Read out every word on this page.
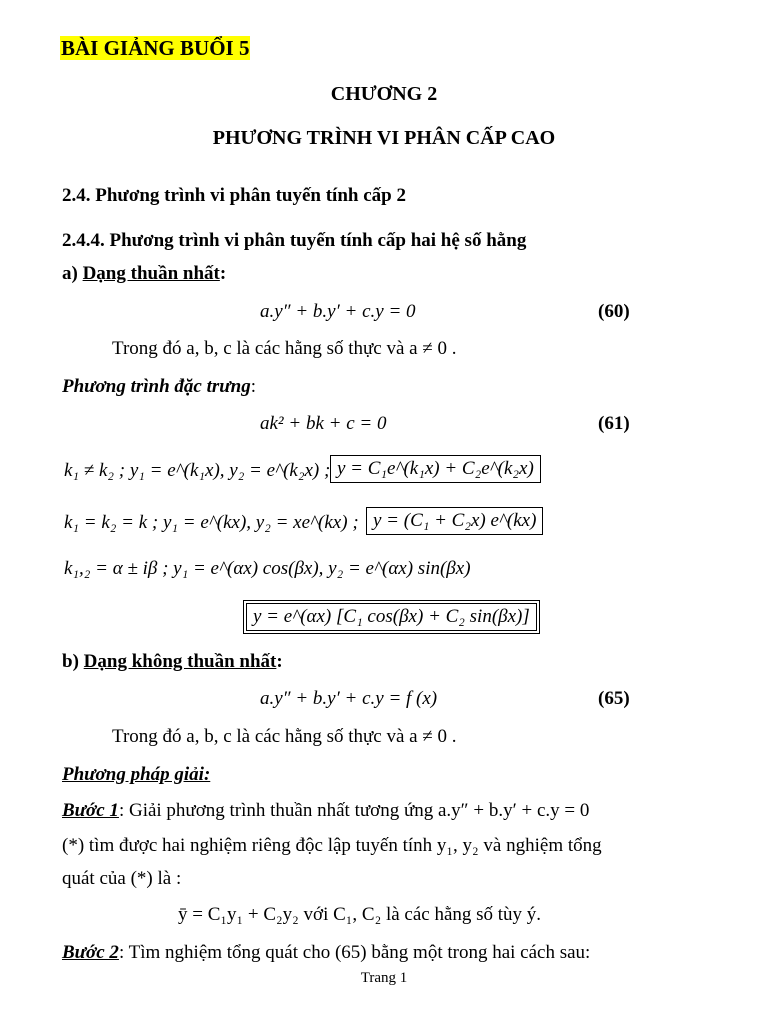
BÀI GIẢNG BUỔI 5
CHƯƠNG 2
PHƯƠNG TRÌNH VI PHÂN CẤP CAO
2.4. Phương trình vi phân tuyến tính cấp 2
2.4.4. Phương trình vi phân tuyến tính cấp hai hệ số hằng
a) Dạng thuần nhất:
a.y″ + b.y′ + c.y = 0	(60)
Trong đó a, b, c là các hằng số thực và a ≠ 0 .
Phương trình đặc trưng:
ak² + bk + c = 0	(61)
k₁ ≠ k₂ ; y₁ = e^(k₁x), y₂ = e^(k₂x) ; y = C₁e^(k₁x) + C₂e^(k₂x)
k₁ = k₂ = k ; y₁ = e^(kx), y₂ = xe^(kx) ; y = (C₁ + C₂x) e^(kx)
k₁,₂ = α ± iβ ; y₁ = e^(αx) cos(βx), y₂ = e^(αx) sin(βx)
y = e^(αx) [C₁ cos(βx) + C₂ sin(βx)]
b) Dạng không thuần nhất:
a.y″ + b.y′ + c.y = f (x)	(65)
Trong đó a, b, c là các hằng số thực và a ≠ 0 .
Phương pháp giải:
Bước 1: Giải phương trình thuần nhất tương ứng a.y″ + b.y′ + c.y = 0
(*) tìm được hai nghiệm riêng độc lập tuyến tính y₁, y₂ và nghiệm tổng
quát của (*) là :
ȳ = C₁y₁ + C₂y₂ với C₁, C₂ là các hằng số tùy ý.
Bước 2: Tìm nghiệm tổng quát cho (65) bằng một trong hai cách sau:
Trang 1
